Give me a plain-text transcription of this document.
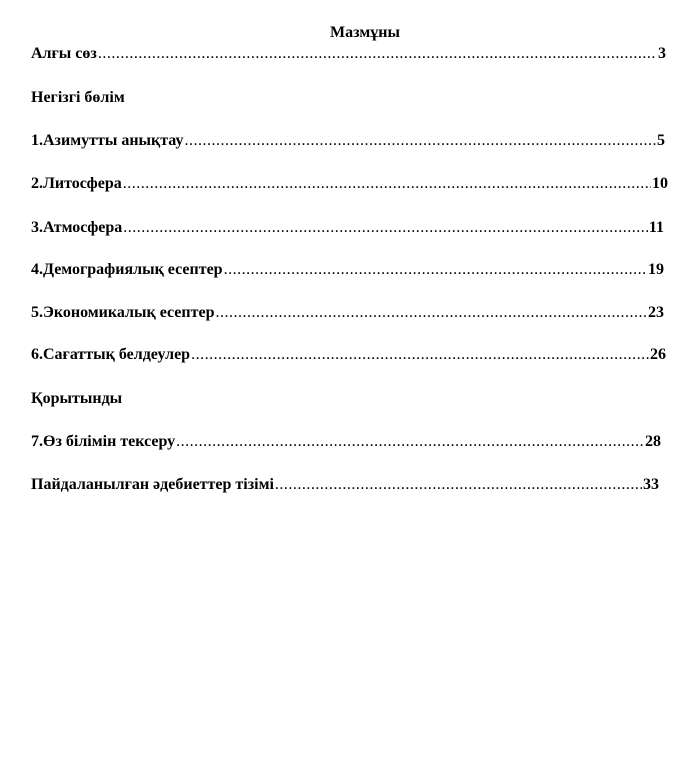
Мазмұны
Алғы сөз .....	3
Негізгі бөлім
1.Азимутты анықтау .....	5
2.Литосфера .....	10
3.Атмосфера .....	11
4.Демографиялық есептер .....	19
5.Экономикалық есептер .....	23
6.Сағаттық белдеулер .....	26
Қорытынды
7.Өз білімін тексеру .....	28
Пайдаланылған әдебиеттер тізімі .....	33
